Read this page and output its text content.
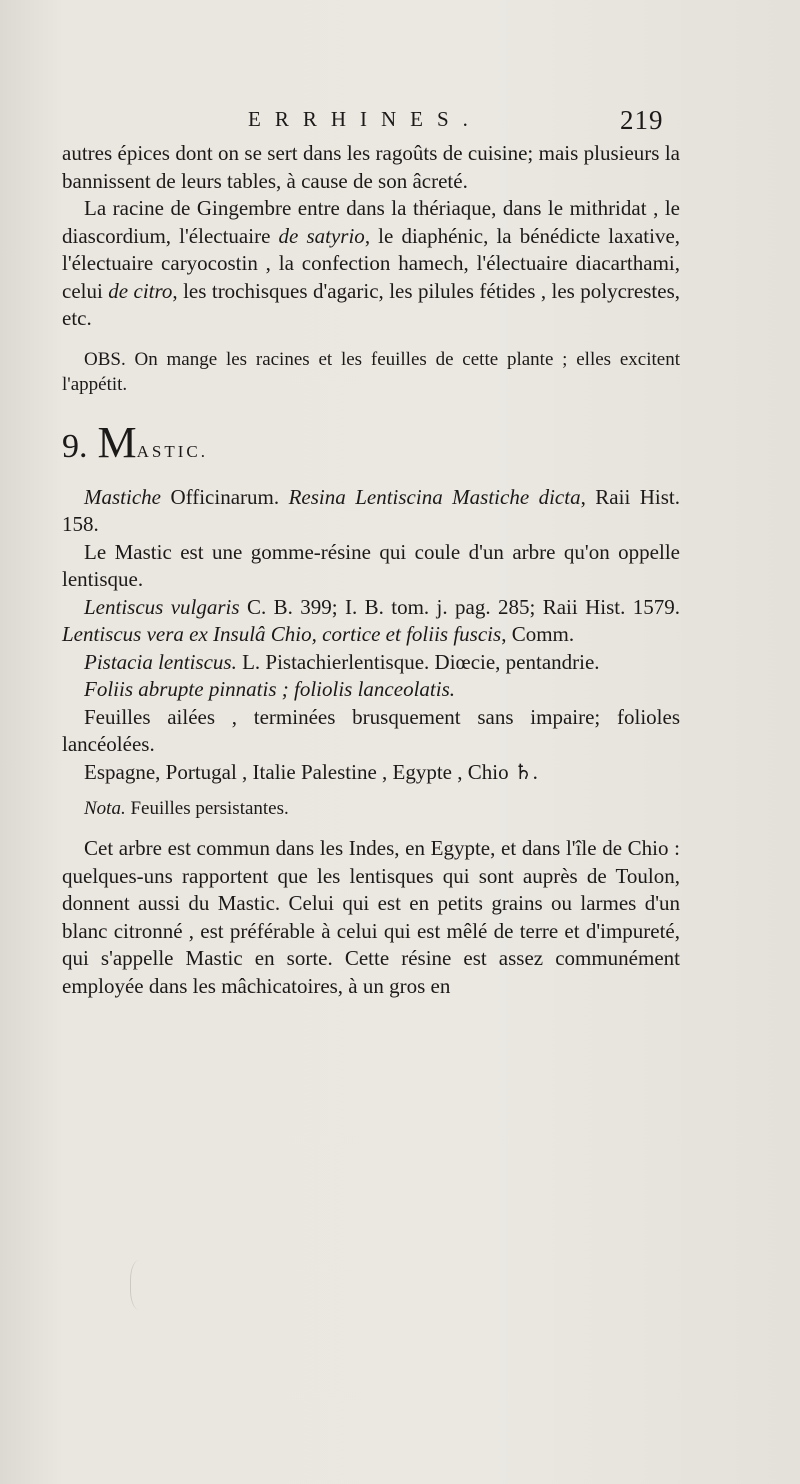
ERRHINES.	219

autres épices dont on se sert dans les ragoûts de cuisine; mais plusieurs la bannissent de leurs tables, à cause de son âcreté.

La racine de Gingembre entre dans la thériaque, dans le mithridat , le diascordium, l'électuaire de satyrio, le diaphénic, la bénédicte laxative, l'électuaire caryocostin , la confection hamech, l'électuaire diacarthami, celui de citro, les trochisques d'agaric, les pilules fétides , les polycrestes, etc.

OBS. On mange les racines et les feuilles de cette plante ; elles excitent l'appétit.

9. MASTIC.

Mastiche Officinarum. Resina Lentiscina Mastiche dicta, Raii Hist. 158.

Le Mastic est une gomme-résine qui coule d'un arbre qu'on oppelle lentisque.

Lentiscus vulgaris C. B. 399; I. B. tom. j. pag. 285; Raii Hist. 1579. Lentiscus vera ex Insulâ Chio, cortice et foliis fuscis, Comm.

Pistacia lentiscus. L. Pistachierlentisque. Diœcie, pentandrie.

Foliis abrupte pinnatis ; foliolis lanceolatis.

Feuilles ailées , terminées brusquement sans impaire; folioles lancéolées.

Espagne, Portugal , Italie Palestine , Egypte , Chio ♄.

Nota. Feuilles persistantes.

Cet arbre est commun dans les Indes, en Egypte, et dans l'île de Chio : quelques-uns rapportent que les lentisques qui sont auprès de Toulon, donnent aussi du Mastic. Celui qui est en petits grains ou larmes d'un blanc citronné , est préférable à celui qui est mêlé de terre et d'impureté, qui s'appelle Mastic en sorte. Cette résine est assez communément employée dans les mâchicatoires, à un gros en
